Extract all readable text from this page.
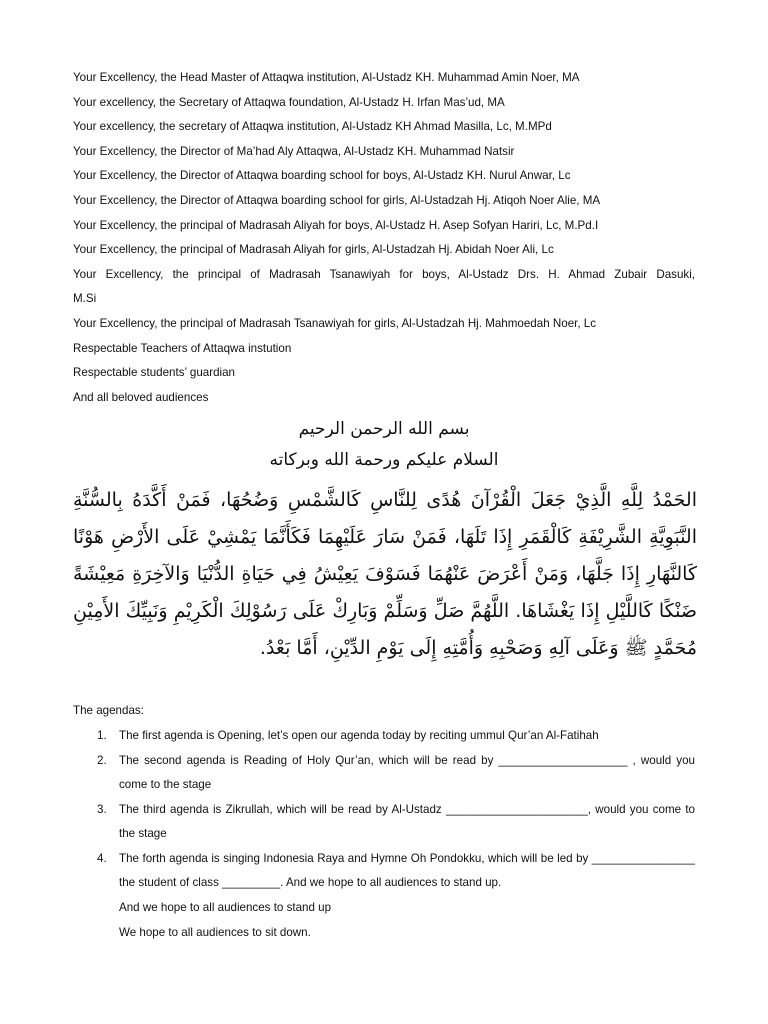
Your Excellency, the Head Master of Attaqwa institution, Al-Ustadz KH. Muhammad Amin Noer, MA
Your excellency, the Secretary of Attaqwa foundation, Al-Ustadz H. Irfan Mas’ud, MA
Your excellency, the secretary of Attaqwa institution, Al-Ustadz KH Ahmad Masilla, Lc, M.MPd
Your Excellency, the Director of Ma’had Aly Attaqwa, Al-Ustadz KH. Muhammad Natsir
Your Excellency, the Director of Attaqwa boarding school for boys, Al-Ustadz KH. Nurul Anwar, Lc
Your Excellency, the Director of Attaqwa boarding school for girls, Al-Ustadzah Hj. Atiqoh Noer Alie, MA
Your Excellency, the principal of Madrasah Aliyah for boys, Al-Ustadz H. Asep Sofyan Hariri, Lc, M.Pd.I
Your Excellency, the principal of Madrasah Aliyah for girls, Al-Ustadzah Hj. Abidah Noer Ali, Lc
Your Excellency, the principal of Madrasah Tsanawiyah for boys, Al-Ustadz Drs. H. Ahmad Zubair Dasuki,
M.Si
Your Excellency, the principal of Madrasah Tsanawiyah for girls, Al-Ustadzah Hj. Mahmoedah Noer, Lc
Respectable Teachers of Attaqwa instution
Respectable students’ guardian
And all beloved audiences
بسم الله الرحمن الرحيم
السلام عليكم ورحمة الله وبركاته
الحَمْدُ لِلَّهِ الَّذِيْ جَعَلَ الْقُرْآنَ هُدًى لِلنَّاسِ كَالشَّمْسِ وَضُحُهَا، فَمَنْ أَكَّدَهُ بِالسُّنَّةِ النَّبَوِيَّةِ الشَّرِيْفَةِ كَالْقَمَرِ إِذَا تَلَهَا، فَمَنْ سَارَ عَلَيْهِمَا فَكَأَنَّمَا يَمْشِيْ عَلَى الأَرْضِ هَوْنًا كَالنَّهَارِ إِذَا جَلَّهَا، وَمَنْ أَعْرَضَ عَنْهُمَا فَسَوْفَ يَعِيْشُ فِي حَيَاةِ الدُّنْيَا وَالآخِرَةِ مَعِيْشَةً ضَنْكًا كَاللَّيْلِ إِذَا يَغْشَاهَا. اللَّهُمَّ صَلِّ وَسَلِّمْ وَبَارِكْ عَلَى رَسُوْلِكَ الْكَرِيْمِ وَنَبِيِّكَ الأَمِيْنِ مُحَمَّدٍ ﷺ وَعَلَى آلِهِ وَصَحْبِهِ وَأُمَّتِهِ إِلَى يَوْمِ الدِّيْنِ، أَمَّا بَعْدُ.
The agendas:
1.	The first agenda is Opening, let’s open our agenda today by reciting ummul Qur’an Al-Fatihah
2.	The second agenda is Reading of Holy Qur’an, which will be read by ____________________ , would you come to the stage
3.	The third agenda is Zikrullah, which will be read by Al-Ustadz ______________________, would you come to the stage
4.	The forth agenda is singing Indonesia Raya and Hymne Oh Pondokku, which will be led by ________________ the student of class _________. And we hope to all audiences to stand up.
And we hope to all audiences to stand up
We hope to all audiences to sit down.
